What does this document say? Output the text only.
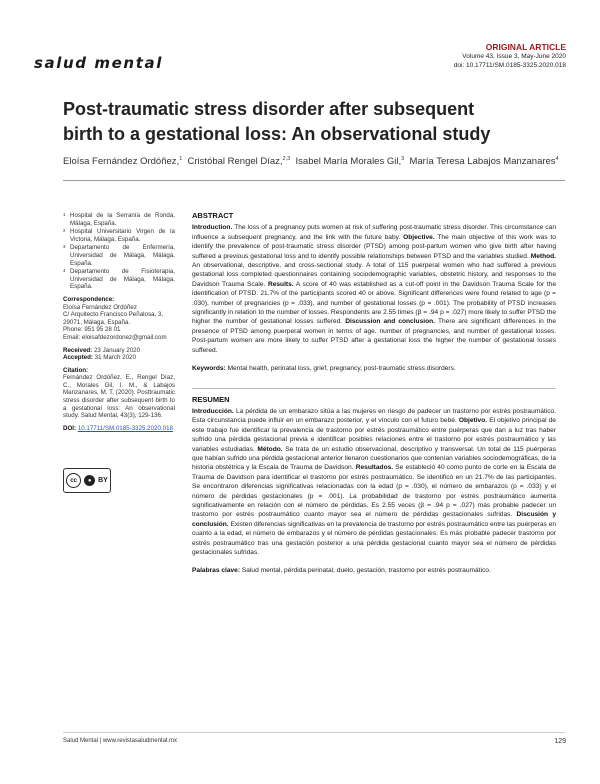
salud mental
ORIGINAL ARTICLE
Volume 43, Issue 3, May-June 2020
doi: 10.17711/SM.0185-3325.2020.018
Post-traumatic stress disorder after subsequent
birth to a gestational loss: An observational study
Eloísa Fernández Ordóñez,$^1$ Cristóbal Rengel Díaz,$^{2,3}$ Isabel María Morales Gil,$^3$ María Teresa Labajos Manzanares$^4$
1 Hospital de la Serranía de Ronda, Málaga, España.
2 Hospital Universitario Virgen de la Victoria, Málaga, España.
3 Departamento de Enfermería, Universidad de Málaga, Málaga, España.
4 Departamento de Fisioterapia, Universidad de Málaga, Málaga, España.
Correspondence:
Eloísa Fernández Ordóñez
C/ Arquitecto Francisco Peñalosa, 3, 29071, Málaga, España.
Phone: 951 95 28 01
Email: eloisafdezordonez@gmail.com
Received: 23 January 2020
Accepted: 31 March 2020
Citation:
Fernández Ordóñez, E., Rengel Díaz, C., Morales Gil, I. M., & Labajos Manzanares, M. T. (2020). Posttraumatic stress disorder after subsequent birth to a gestational loss: An observational study. Salud Mental, 43(3), 129-136.
DOI: 10.17711/SM.0185-3325.2020.018
cc	● BY
ABSTRACT

Introduction. The loss of a pregnancy puts women at risk of suffering post-traumatic stress disorder. This circumstance can influence a subsequent pregnancy, and the link with the future baby. Objective. The main objective of this work was to identify the prevalence of post-traumatic stress disorder (PTSD) among post-partum women who give birth after having suffered a previous gestational loss and to identify possible relationships between PTSD and the variables studied. Method. An observational, descriptive, and cross-sectional study. A total of 115 puerperal women who had suffered a previous gestational loss completed questionnaires containing sociodemographic variables, obstetric history, and responses to the Davidson Trauma Scale. Results. A score of 40 was established as a cut-off point in the Davidson Trauma Scale for the identification of PTSD. 21.7% of the participants scored 40 or above. Significant differences were found related to age (p = .030), number of pregnancies (p = .033), and number of gestational losses (p = .001). The probability of PTSD increases significantly in relation to the number of losses. Respondents are 2.55 times (β = .94 p = .027) more likely to suffer PTSD the higher the number of gestational losses suffered. Discussion and conclusion. There are significant differences in the presence of PTSD among puerperal women in terms of age, number of pregnancies, and number of gestational losses. Post-partum women are more likely to suffer PTSD after a gestational loss the higher the number of gestational losses suffered.

Keywords: Mental health, perinatal loss, grief, pregnancy, post-traumatic stress disorders.

RESUMEN

Introducción. La pérdida de un embarazo sitúa a las mujeres en riesgo de padecer un trastorno por estrés postraumático. Esta circunstancia puede influir en un embarazo posterior, y el vínculo con el futuro bebé. Objetivo. El objetivo principal de este trabajo fue identificar la prevalencia de trastorno por estrés postraumático entre puérperas que dan a luz tras haber sufrido una pérdida gestacional previa e identificar posibles relaciones entre el trastorno por estrés postraumático y las variables estudiadas. Método. Se trata de un estudio observacional, descriptivo y transversal. Un total de 115 puérperas que habían sufrido una pérdida gestacional anterior llenaron cuestionarios que contenían variables sociodemográficas, de la historia obstétrica y la Escala de Trauma de Davidson. Resultados. Se estableció 40 como punto de corte en la Escala de Trauma de Davidson para identificar el trastorno por estrés postraumático. Se identificó en un 21.7% de las participantes. Se encontraron diferencias significativas relacionadas con la edad (p = .030), el número de embarazos (p = .033) y el número de pérdidas gestacionales (p = .001). La probabilidad de trastorno por estrés postraumático aumenta significativamente en relación con el número de pérdidas. Es 2.55 veces (β = .94 p = .027) más probable padecer un trastorno por estrés postraumático cuanto mayor sea el número de pérdidas gestacionales sufridas. Discusión y conclusión. Existen diferencias significativas en la prevalencia de trastorno por estrés postraumático entre las puérperas en cuanto a la edad, el número de embarazos y el número de pérdidas gestacionales. Es más probable padecer trastorno por estrés postraumático tras una gestación posterior a una pérdida gestacional cuanto mayor sea el número de pérdidas gestacionales sufridas.

Palabras clave: Salud mental, pérdida perinatal, duelo, gestación, trastorno por estrés postraumático.

Salud Mental | www.revistasaludmental.mx	129
